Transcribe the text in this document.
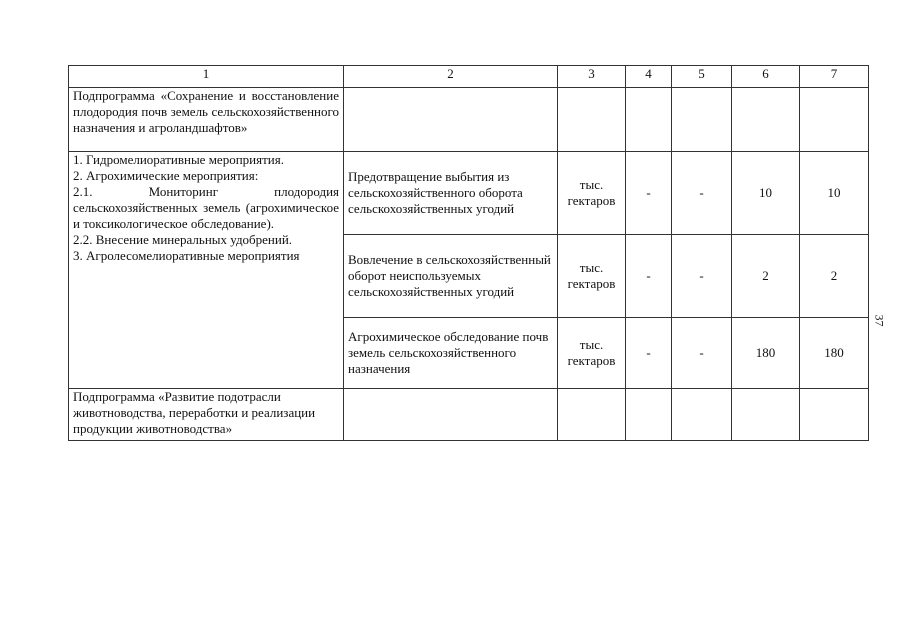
1	2	3	4	5	6	7
Подпрограмма «Сохранение и восстановление плодородия почв земель сельскохозяйственного назначения и агроландшафтов»						

1. Гидромелиоративные мероприятия.
2. Агрохимические мероприятия:
2.1. Мониторинг плодородия сельскохозяйственных земель (агрохимическое и токсикологическое обследование).
2.2. Внесение минеральных удобрений.
3. Агролесомелиоративные мероприятия	Предотвращение выбытия из сельскохозяйственного оборота сельскохозяйственных угодий	тыс. гектаров	-	-	10	10
	Вовлечение в сельскохозяйственный оборот неиспользуемых сельскохозяйственных угодий	тыс. гектаров	-	-	2	2
	Агрохимическое обследование почв земель сельскохозяйственного назначения	тыс. гектаров	-	-	180	180
Подпрограмма «Развитие подотрасли животноводства, переработки и реализации продукции животноводства»						
37
